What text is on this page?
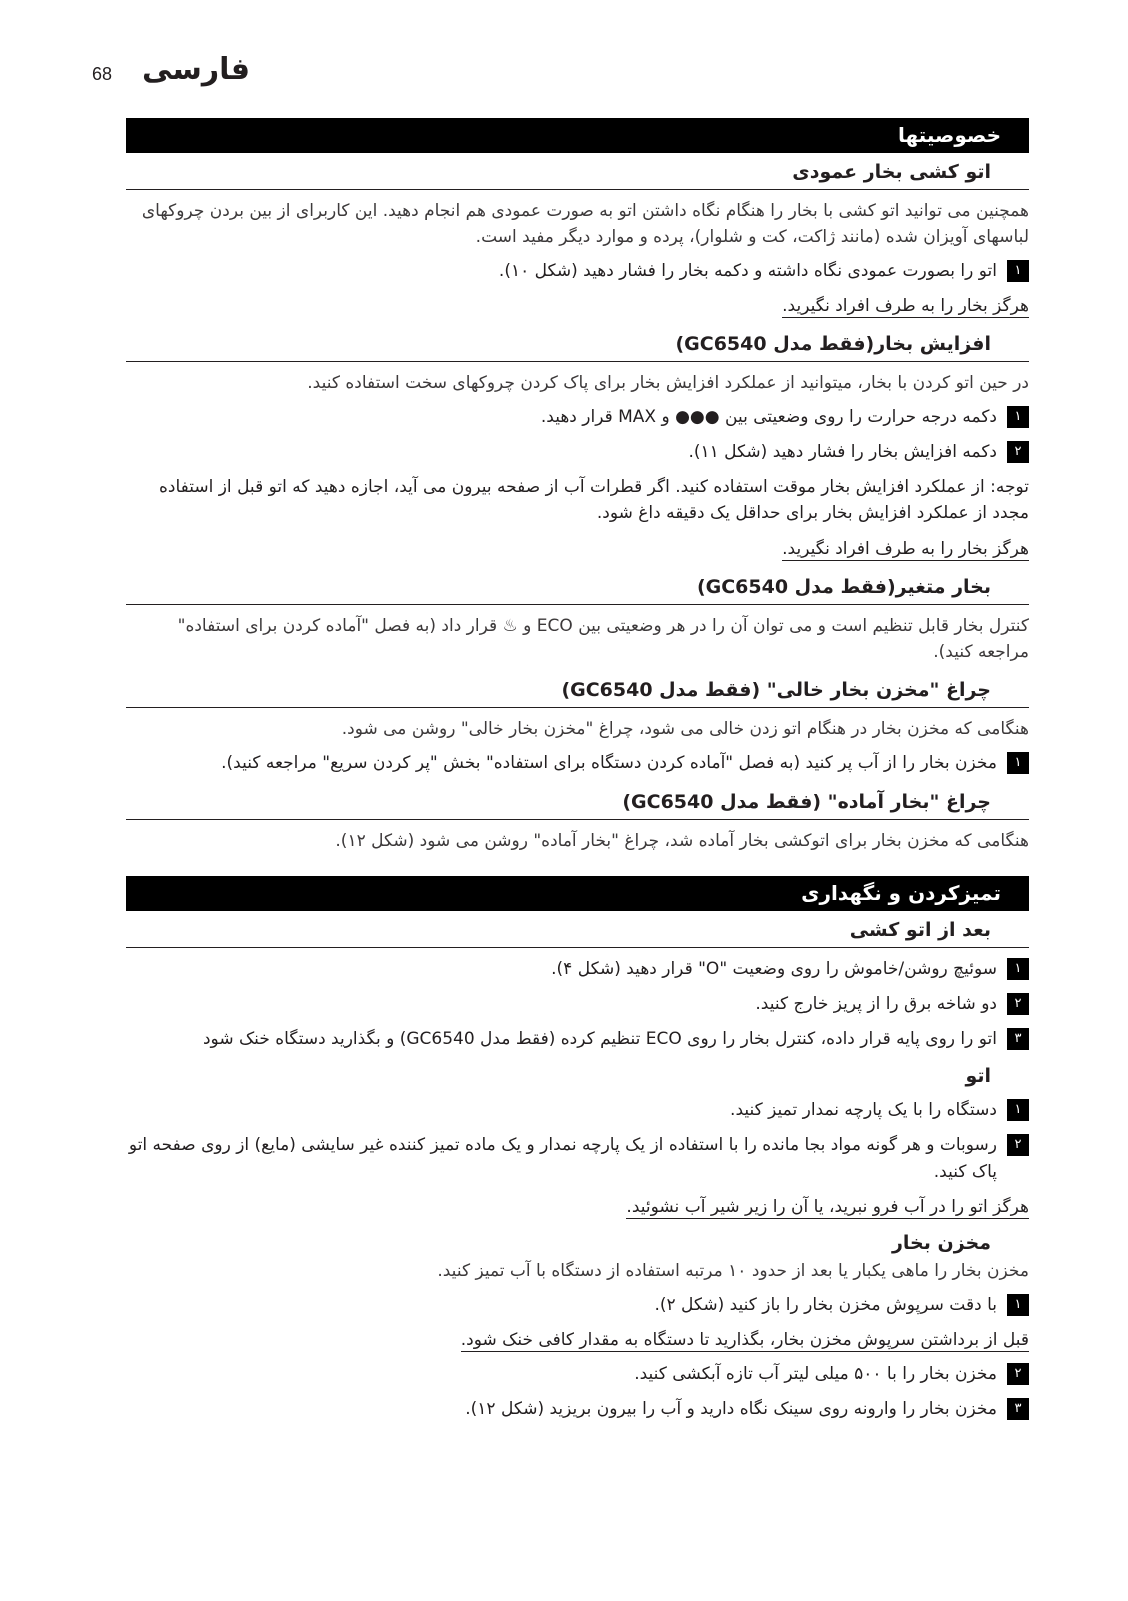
68 فارسی
خصوصیتها
اتو کشی بخار عمودی
همچنین می توانید اتو کشی با بخار را هنگام نگاه داشتن اتو به صورت عمودی هم انجام دهید. این کاربرای از بین بردن چروکهای لباسهای آویزان شده (مانند ژاکت، کت و شلوار)، پرده و موارد دیگر مفید است.
١
اتو را بصورت عمودی نگاه داشته و دکمه بخار را فشار دهید (شکل ۱۰).
هرگز بخار را به طرف افراد نگیرید.
افزایش بخار(فقط مدل GC6540)
در حین اتو کردن با بخار، میتوانید از عملکرد افزایش بخار برای پاک کردن چروکهای سخت استفاده کنید.
١
دکمه درجه حرارت را روی وضعیتی بین ●●● و MAX قرار دهید.
٢
دکمه افزایش بخار را فشار دهید (شکل ۱۱).
توجه: از عملکرد افزایش بخار موقت استفاده کنید. اگر قطرات آب از صفحه بیرون می آید، اجازه دهید که اتو قبل از استفاده
مجدد از عملکرد افزایش بخار برای حداقل یک دقیقه داغ شود.
هرگز بخار را به طرف افراد نگیرید.
بخار متغیر(فقط مدل GC6540)
کنترل بخار قابل تنظیم است و می توان آن را در هر وضعیتی بین ECO و ♨ قرار داد (به فصل "آماده کردن برای استفاده" مراجعه کنید).
چراغ "مخزن بخار خالی" (فقط مدل GC6540)
هنگامی که مخزن بخار در هنگام اتو زدن خالی می شود، چراغ "مخزن بخار خالی" روشن می شود.
١
مخزن بخار را از آب پر کنید (به فصل "آماده کردن دستگاه برای استفاده" بخش "پر کردن سریع" مراجعه کنید).
چراغ "بخار آماده" (فقط مدل GC6540)
هنگامی که مخزن بخار برای اتوکشی بخار آماده شد، چراغ "بخار آماده" روشن می شود (شکل ۱۲).
تمیزکردن و نگهداری
بعد از اتو کشی
١
سوئیچ روشن/خاموش را روی وضعیت "O" قرار دهید (شکل ۴).
٢
دو شاخه برق را از پریز خارج کنید.
٣
اتو را روی پایه قرار داده، کنترل بخار را روی ECO تنظیم کرده (فقط مدل GC6540) و بگذارید دستگاه خنک شود
اتو
١
دستگاه را با یک پارچه نمدار تمیز کنید.
٢
رسوبات و هر گونه مواد بجا مانده را با استفاده از یک پارچه نمدار و یک ماده تمیز کننده غیر سایشی (مایع) از روی صفحه اتو پاک کنید.
هرگز اتو را در آب فرو نبرید، یا آن را زیر شیر آب نشوئید.
مخزن بخار
مخزن بخار را ماهی یکبار یا بعد از حدود ۱۰ مرتبه استفاده از دستگاه با آب تمیز کنید.
١
با دقت سرپوش مخزن بخار را باز کنید (شکل ۲).
قبل از برداشتن سرپوش مخزن بخار، بگذارید تا دستگاه به مقدار کافی خنک شود.
٢
مخزن بخار را با ۵۰۰ میلی لیتر آب تازه آبکشی کنید.
٣
مخزن بخار را وارونه روی سینک نگاه دارید و آب را بیرون بریزید (شکل ۱۲).
